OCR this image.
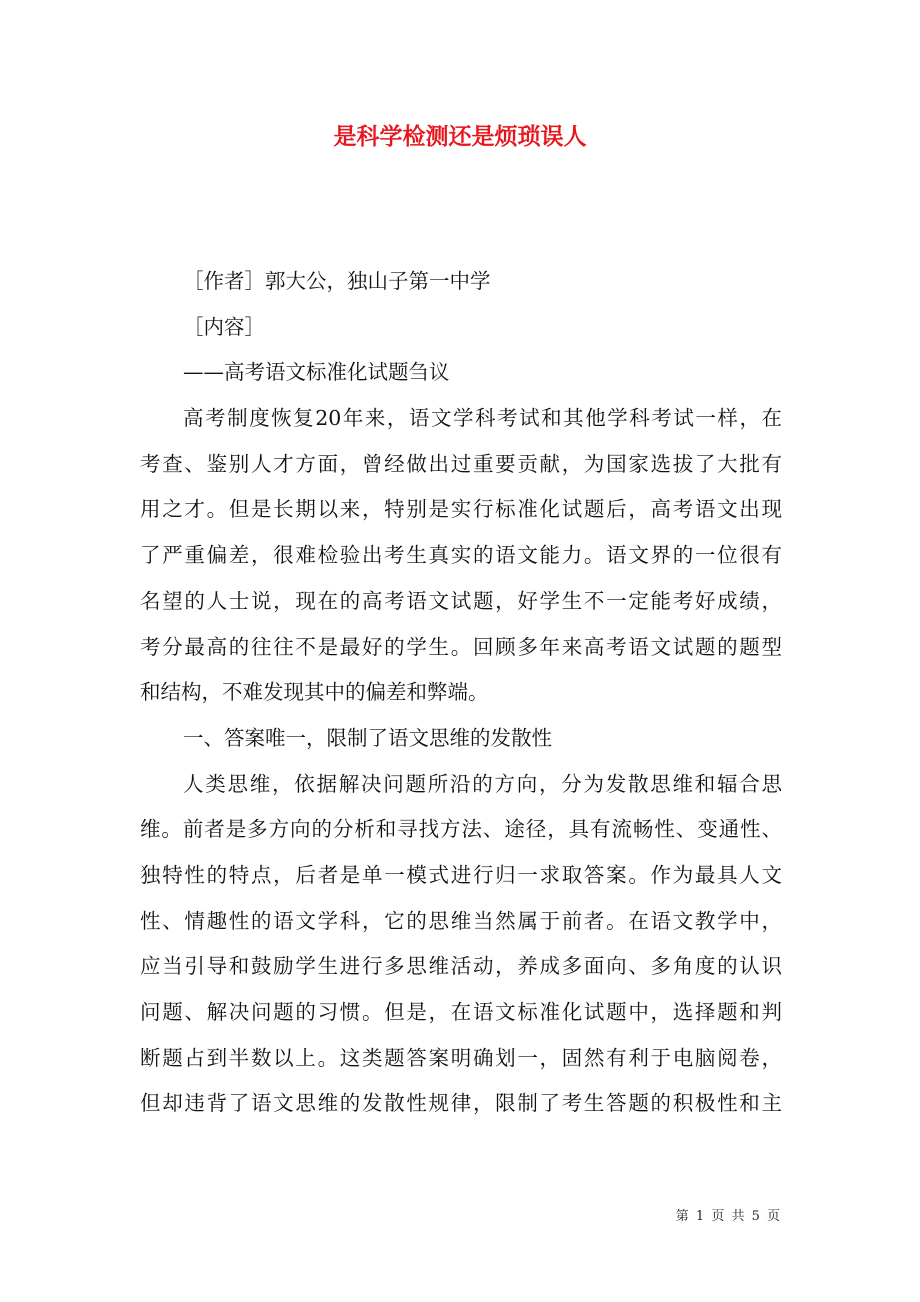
是科学检测还是烦琐误人
［作者］郭大公，独山子第一中学
［内容］
——高考语文标准化试题刍议
高考制度恢复20年来，语文学科考试和其他学科考试一样，在
考查、鉴别人才方面，曾经做出过重要贡献，为国家选拔了大批有
用之才。但是长期以来，特别是实行标准化试题后，高考语文出现
了严重偏差，很难检验出考生真实的语文能力。语文界的一位很有
名望的人士说，现在的高考语文试题，好学生不一定能考好成绩，
考分最高的往往不是最好的学生。回顾多年来高考语文试题的题型
和结构，不难发现其中的偏差和弊端。
一、答案唯一，限制了语文思维的发散性
人类思维，依据解决问题所沿的方向，分为发散思维和辐合思
维。前者是多方向的分析和寻找方法、途径，具有流畅性、变通性、
独特性的特点，后者是单一模式进行归一求取答案。作为最具人文
性、情趣性的语文学科，它的思维当然属于前者。在语文教学中，
应当引导和鼓励学生进行多思维活动，养成多面向、多角度的认识
问题、解决问题的习惯。但是，在语文标准化试题中，选择题和判
断题占到半数以上。这类题答案明确划一，固然有利于电脑阅卷，
但却违背了语文思维的发散性规律，限制了考生答题的积极性和主
第 1 页 共 5 页
